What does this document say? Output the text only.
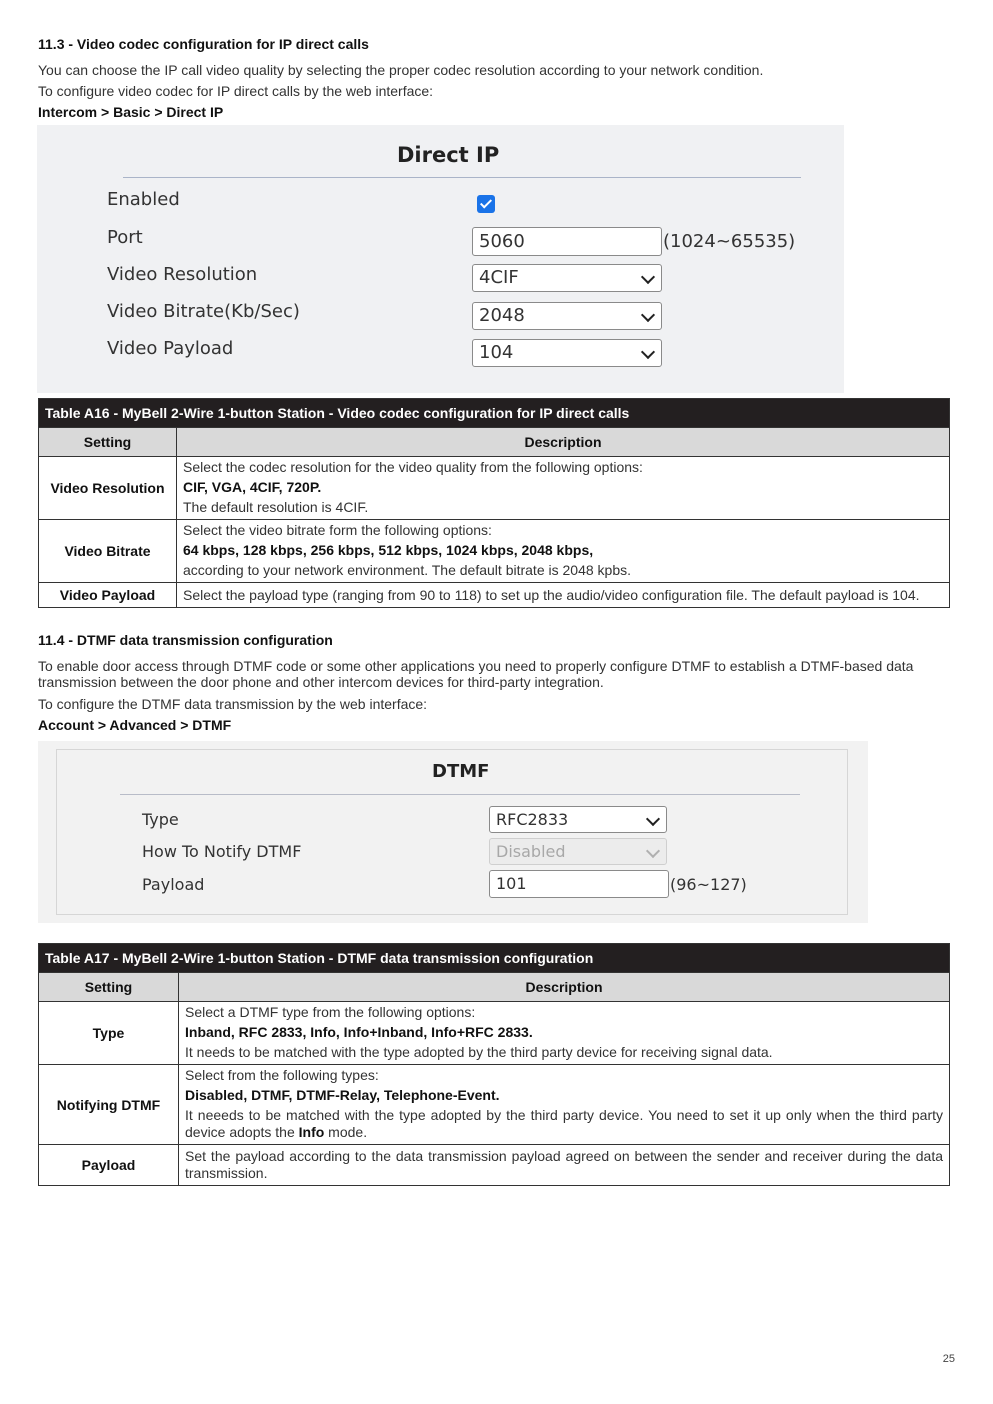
11.3 - Video codec configuration for IP direct calls
You can choose the IP call video quality by selecting the proper codec resolution according to your network condition.
To configure video codec for IP direct calls by the web interface:
Intercom > Basic > Direct IP
Direct IP
Enabled
Port	5060	(1024~65535)
Video Resolution	4CIF
Video Bitrate(Kb/Sec)	2048
Video Payload	104
Table A16 - MyBell 2-Wire 1-button Station - Video codec configuration for IP direct calls	
Setting	Description
Video Resolution	Select the codec resolution for the video quality from the following options:
CIF, VGA, 4CIF, 720P.
The default resolution is 4CIF.

Video Bitrate	Select the video bitrate form the following options:
64 kbps, 128 kbps, 256 kbps, 512 kbps, 1024 kbps, 2048 kbps,
according to your network environment. The default bitrate is 2048 kpbs.

Video Payload	Select the payload type (ranging from 90 to 118) to set up the audio/video configuration file. The default payload is 104.
11.4 - DTMF data transmission configuration
To enable door access through DTMF code or some other applications you need to properly configure DTMF to establish a DTMF-based data transmission between the door phone and other intercom devices for third-party integration.
To configure the DTMF data transmission by the web interface:
Account > Advanced > DTMF
DTMF
Type	RFC2833
How To Notify DTMF	Disabled
Payload	101	(96~127)
Table A17 - MyBell 2-Wire 1-button Station - DTMF data transmission configuration	
Setting	Description
Type	Select a DTMF type from the following options:
Inband, RFC 2833, Info, Info+Inband, Info+RFC 2833.
It needs to be matched with the type adopted by the third party device for receiving signal data.

Notifying DTMF	Select from the following types:
Disabled, DTMF, DTMF-Relay, Telephone-Event.
It neeeds to be matched with the type adopted by the third party device. You need to set it up only when the third party device adopts the Info mode.

Payload	Set the payload according to the data transmission payload agreed on between the sender and receiver during the data transmission.
25
